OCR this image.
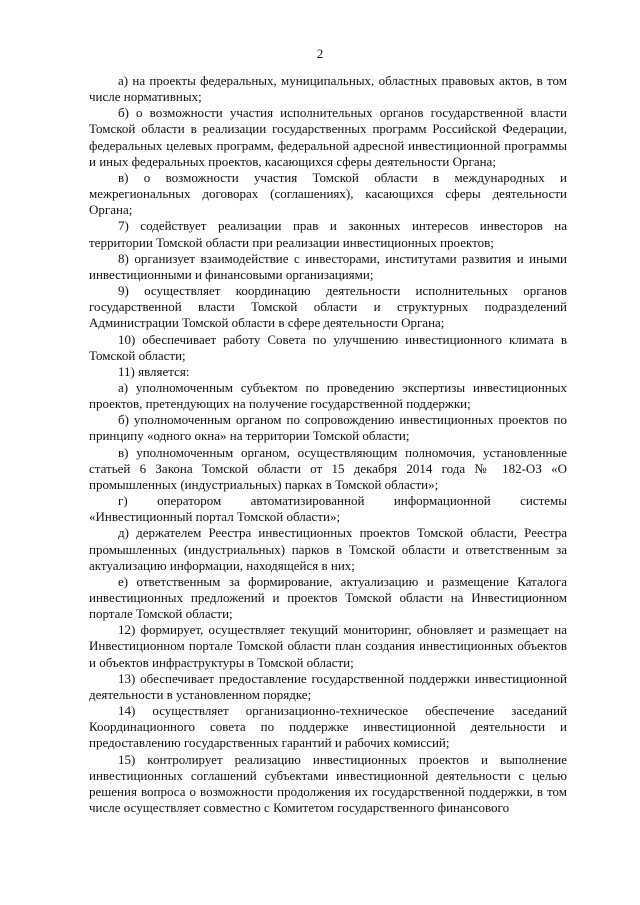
2

а) на проекты федеральных, муниципальных, областных правовых актов, в том числе нормативных;

б) о возможности участия исполнительных органов государственной власти Томской области в реализации государственных программ Российской Федерации, федеральных целевых программ, федеральной адресной инвестиционной программы и иных федеральных проектов, касающихся сферы деятельности Органа;

в) о возможности участия Томской области в международных и межрегиональных договорах (соглашениях), касающихся сферы деятельности Органа;

7) содействует реализации прав и законных интересов инвесторов на территории Томской области при реализации инвестиционных проектов;

8) организует взаимодействие с инвесторами, институтами развития и иными инвестиционными и финансовыми организациями;

9) осуществляет координацию деятельности исполнительных органов государственной власти Томской области и структурных подразделений Администрации Томской области в сфере деятельности Органа;

10) обеспечивает работу Совета по улучшению инвестиционного климата в Томской области;

11) является:

а) уполномоченным субъектом по проведению экспертизы инвестиционных проектов, претендующих на получение государственной поддержки;

б) уполномоченным органом по сопровождению инвестиционных проектов по принципу «одного окна» на территории Томской области;

в) уполномоченным органом, осуществляющим полномочия, установленные статьей 6 Закона Томской области от 15 декабря 2014 года № 182-ОЗ «О промышленных (индустриальных) парках в Томской области»;

г) оператором автоматизированной информационной системы «Инвестиционный портал Томской области»;

д) держателем Реестра инвестиционных проектов Томской области, Реестра промышленных (индустриальных) парков в Томской области и ответственным за актуализацию информации, находящейся в них;

е) ответственным за формирование, актуализацию и размещение Каталога инвестиционных предложений и проектов Томской области на Инвестиционном портале Томской области;

12) формирует, осуществляет текущий мониторинг, обновляет и размещает на Инвестиционном портале Томской области план создания инвестиционных объектов и объектов инфраструктуры в Томской области;

13) обеспечивает предоставление государственной поддержки инвестиционной деятельности в установленном порядке;

14) осуществляет организационно-техническое обеспечение заседаний Координационного совета по поддержке инвестиционной деятельности и предоставлению государственных гарантий и рабочих комиссий;

15) контролирует реализацию инвестиционных проектов и выполнение инвестиционных соглашений субъектами инвестиционной деятельности с целью решения вопроса о возможности продолжения их государственной поддержки, в том числе осуществляет совместно с Комитетом государственного финансового
